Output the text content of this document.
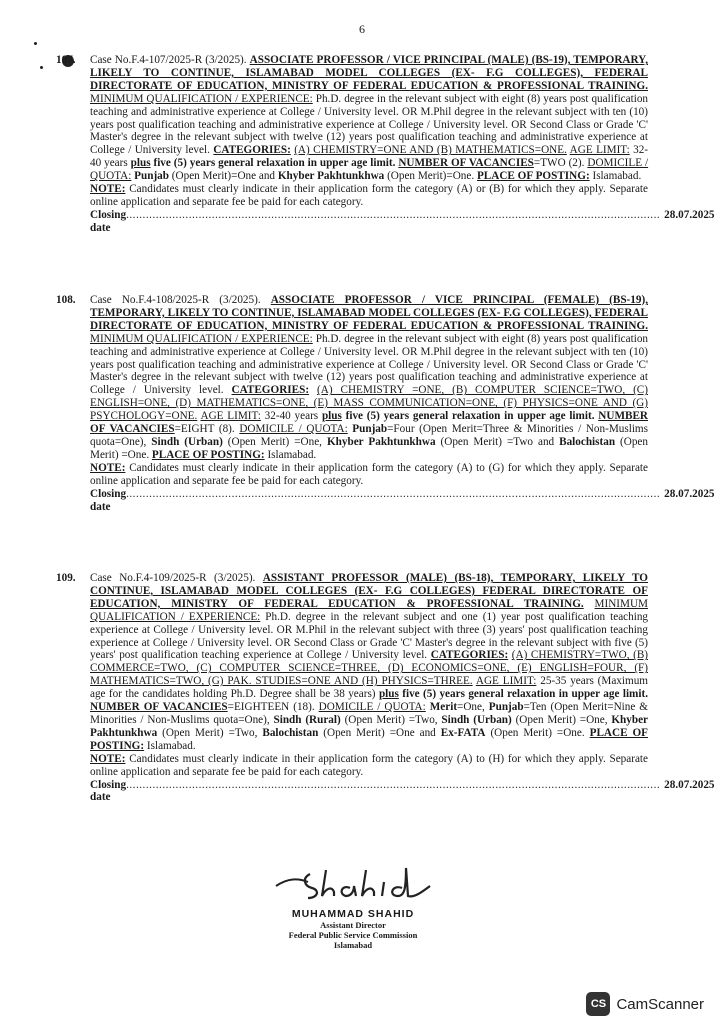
6
107. Case No.F.4-107/2025-R (3/2025). ASSOCIATE PROFESSOR / VICE PRINCIPAL (MALE) (BS-19), TEMPORARY, LIKELY TO CONTINUE, ISLAMABAD MODEL COLLEGES (EX- F.G COLLEGES), FEDERAL DIRECTORATE OF EDUCATION, MINISTRY OF FEDERAL EDUCATION & PROFESSIONAL TRAINING. MINIMUM QUALIFICATION / EXPERIENCE: Ph.D. degree in the relevant subject with eight (8) years post qualification teaching and administrative experience at College / University level. OR M.Phil degree in the relevant subject with ten (10) years post qualification teaching and administrative experience at College / University level. OR Second Class or Grade 'C' Master's degree in the relevant subject with twelve (12) years post qualification teaching and administrative experience at College / University level. CATEGORIES: (A) CHEMISTRY=ONE AND (B) MATHEMATICS=ONE. AGE LIMIT: 32-40 years plus five (5) years general relaxation in upper age limit. NUMBER OF VACANCIES=TWO (2). DOMICILE / QUOTA: Punjab (Open Merit)=One and Khyber Pakhtunkhwa (Open Merit)=One. PLACE OF POSTING: Islamabad.
NOTE: Candidates must clearly indicate in their application form the category (A) or (B) for which they apply. Separate online application and separate fee be paid for each category.
Closing date
.................................................................................................................................................................. 28.07.2025
108. Case No.F.4-108/2025-R (3/2025). ASSOCIATE PROFESSOR / VICE PRINCIPAL (FEMALE) (BS-19), TEMPORARY, LIKELY TO CONTINUE, ISLAMABAD MODEL COLLEGES (EX- F.G COLLEGES), FEDERAL DIRECTORATE OF EDUCATION, MINISTRY OF FEDERAL EDUCATION & PROFESSIONAL TRAINING. MINIMUM QUALIFICATION / EXPERIENCE: Ph.D. degree in the relevant subject with eight (8) years post qualification teaching and administrative experience at College / University level. OR M.Phil degree in the relevant subject with ten (10) years post qualification teaching and administrative experience at College / University level. OR Second Class or Grade 'C' Master's degree in the relevant subject with twelve (12) years post qualification teaching and administrative experience at College / University level. CATEGORIES: (A) CHEMISTRY =ONE, (B) COMPUTER SCIENCE=TWO, (C) ENGLISH=ONE, (D) MATHEMATICS=ONE, (E) MASS COMMUNICATION=ONE, (F) PHYSICS=ONE AND (G) PSYCHOLOGY=ONE. AGE LIMIT: 32-40 years plus five (5) years general relaxation in upper age limit. NUMBER OF VACANCIES=EIGHT (8). DOMICILE / QUOTA: Punjab=Four (Open Merit=Three & Minorities / Non-Muslims quota=One), Sindh (Urban) (Open Merit) =One, Khyber Pakhtunkhwa (Open Merit) =Two and Balochistan (Open Merit) =One. PLACE OF POSTING: Islamabad.
NOTE: Candidates must clearly indicate in their application form the category (A) to (G) for which they apply. Separate online application and separate fee be paid for each category.
Closing date
.................................................................................................................................................................. 28.07.2025
109. Case No.F.4-109/2025-R (3/2025). ASSISTANT PROFESSOR (MALE) (BS-18), TEMPORARY, LIKELY TO CONTINUE, ISLAMABAD MODEL COLLEGES (EX- F.G COLLEGES) FEDERAL DIRECTORATE OF EDUCATION, MINISTRY OF FEDERAL EDUCATION & PROFESSIONAL TRAINING. MINIMUM QUALIFICATION / EXPERIENCE: Ph.D. degree in the relevant subject and one (1) year post qualification teaching experience at College / University level. OR M.Phil in the relevant subject with three (3) years' post qualification teaching experience at College / University level. OR Second Class or Grade 'C' Master's degree in the relevant subject with five (5) years' post qualification teaching experience at College / University level. CATEGORIES: (A) CHEMISTRY=TWO, (B) COMMERCE=TWO, (C) COMPUTER SCIENCE=THREE, (D) ECONOMICS=ONE, (E) ENGLISH=FOUR, (F) MATHEMATICS=TWO, (G) PAK. STUDIES=ONE AND (H) PHYSICS=THREE. AGE LIMIT: 25-35 years (Maximum age for the candidates holding Ph.D. Degree shall be 38 years) plus five (5) years general relaxation in upper age limit. NUMBER OF VACANCIES=EIGHTEEN (18). DOMICILE / QUOTA: Merit=One, Punjab=Ten (Open Merit=Nine & Minorities / Non-Muslims quota=One), Sindh (Rural) (Open Merit) =Two, Sindh (Urban) (Open Merit) =One, Khyber Pakhtunkhwa (Open Merit) =Two, Balochistan (Open Merit) =One and Ex-FATA (Open Merit) =One. PLACE OF POSTING: Islamabad.
NOTE: Candidates must clearly indicate in their application form the category (A) to (H) for which they apply. Separate online application and separate fee be paid for each category.
Closing date
.................................................................................................................................................................. 28.07.2025
MUHAMMAD SHAHID
Assistant Director
Federal Public Service Commission
Islamabad
CS CamScanner
